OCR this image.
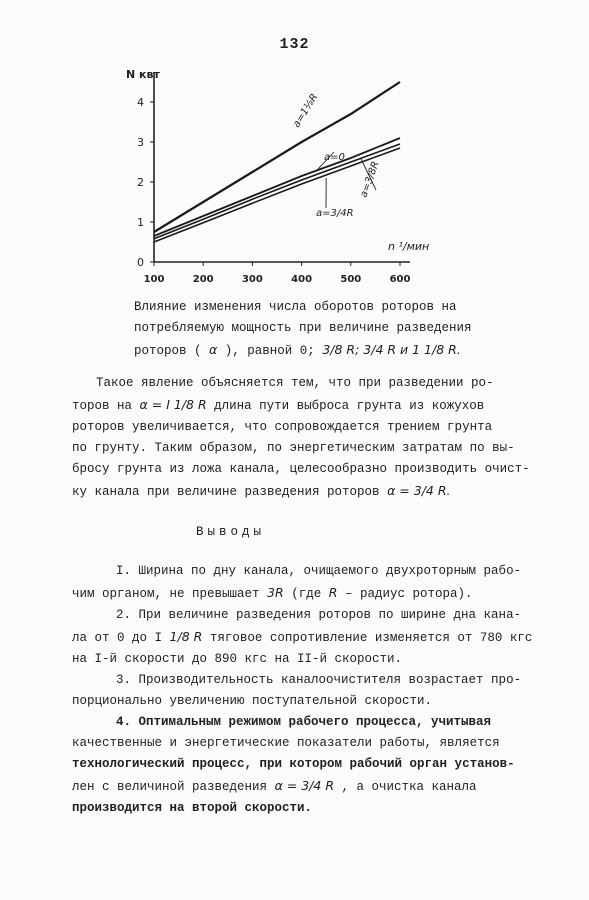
132
0
1
2
3
4
100	200	300	400	500	600
N квт
n ¹/мин
a=1⅛R
a=0
a=3/8R
a=3/4R
Влияние изменения числа оборотов роторов на
потребляемую мощность при величине разведения
роторов ( α ), равной 0; 3/8 R; 3/4 R и 1 1/8 R.
Такое явление объясняется тем, что при разведении ро-
торов на α = I 1/8 R длина пути выброса грунта из кожухов
роторов увеличивается, что сопровождается трением грунта
по грунту. Таким образом, по энергетическим затратам по вы-
бросу грунта из ложа канала, целесообразно производить очист-
ку канала при величине разведения роторов α = 3/4 R.
Выводы
I. Ширина по дну канала, очищаемого двухроторным рабо-
чим органом, не превышает 3R (где R – радиус ротора).
2. При величине разведения роторов по ширине дна кана-
ла от 0 до I 1/8 R тяговое сопротивление изменяется от 780 кгс
на I-й скорости до 890 кгс на II-й скорости.
3. Производительность каналоочистителя возрастает про-
порционально увеличению поступательной скорости.
4. Оптимальным режимом рабочего процесса, учитывая
качественные и энергетические показатели работы, является
технологический процесс, при котором рабочий орган установ-
лен с величиной разведения α = 3/4 R , а очистка канала
производится на второй скорости.
